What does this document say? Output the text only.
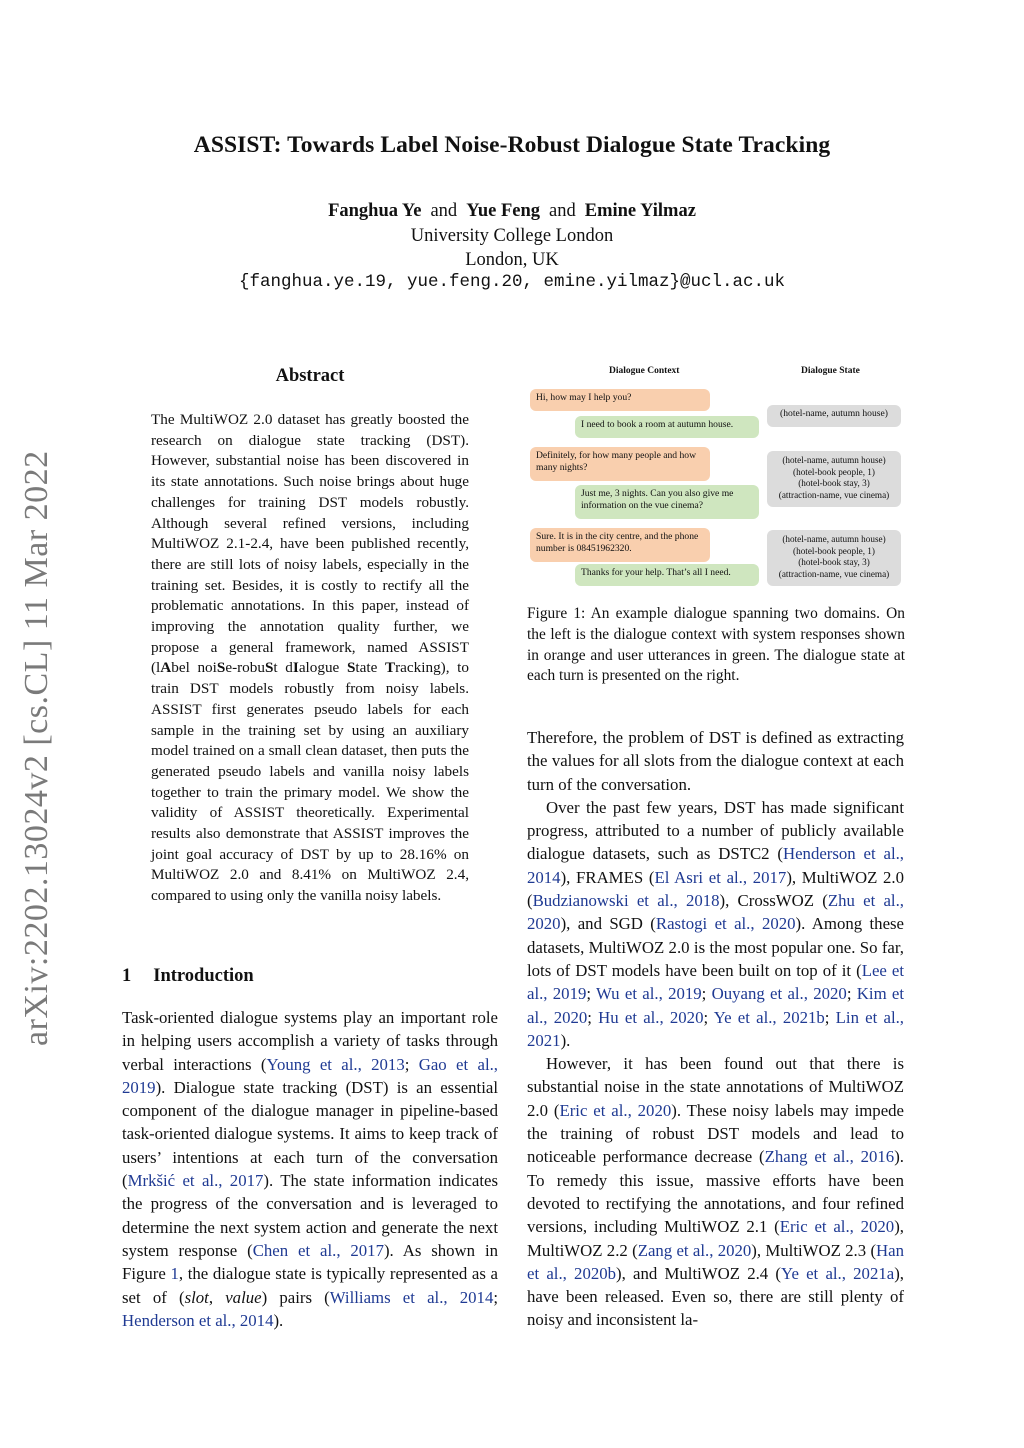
ASSIST: Towards Label Noise-Robust Dialogue State Tracking
Fanghua Ye and Yue Feng and Emine Yilmaz
University College London
London, UK
{fanghua.ye.19, yue.feng.20, emine.yilmaz}@ucl.ac.uk
arXiv:2202.13024v2 [cs.CL] 11 Mar 2022
Abstract
The MultiWOZ 2.0 dataset has greatly boosted the research on dialogue state tracking (DST). However, substantial noise has been discovered in its state annotations. Such noise brings about huge challenges for training DST models robustly. Although several refined versions, including MultiWOZ 2.1-2.4, have been published recently, there are still lots of noisy labels, especially in the training set. Besides, it is costly to rectify all the problematic annotations. In this paper, instead of improving the annotation quality further, we propose a general framework, named ASSIST (lAbel noiSe-robuSt dIalogue State Tracking), to train DST models robustly from noisy labels. ASSIST first generates pseudo labels for each sample in the training set by using an auxiliary model trained on a small clean dataset, then puts the generated pseudo labels and vanilla noisy labels together to train the primary model. We show the validity of ASSIST theoretically. Experimental results also demonstrate that ASSIST improves the joint goal accuracy of DST by up to 28.16% on MultiWOZ 2.0 and 8.41% on MultiWOZ 2.4, compared to using only the vanilla noisy labels.
1 Introduction

Task-oriented dialogue systems play an important role in helping users accomplish a variety of tasks through verbal interactions (Young et al., 2013; Gao et al., 2019). Dialogue state tracking (DST) is an essential component of the dialogue manager in pipeline-based task-oriented dialogue systems. It aims to keep track of users’ intentions at each turn of the conversation (Mrkšić et al., 2017). The state information indicates the progress of the conversation and is leveraged to determine the next system action and generate the next system response (Chen et al., 2017). As shown in Figure 1, the dialogue state is typically represented as a set of (slot, value) pairs (Williams et al., 2014; Henderson et al., 2014).

Dialogue Context	Dialogue State
Hi, how may I help you?
I need to book a room at autumn house.
(hotel-name, autumn house)
Definitely, for how many people and how many nights?
Just me, 3 nights. Can you also give me information on the vue cinema?
(hotel-name, autumn house)
(hotel-book people, 1)
(hotel-book stay, 3)
(attraction-name, vue cinema)
Sure. It is in the city centre, and the phone number is 08451962320.
Thanks for your help. That’s all I need.
(hotel-name, autumn house)
(hotel-book people, 1)
(hotel-book stay, 3)
(attraction-name, vue cinema)
Figure 1: An example dialogue spanning two domains. On the left is the dialogue context with system responses shown in orange and user utterances in green. The dialogue state at each turn is presented on the right.

Therefore, the problem of DST is defined as extracting the values for all slots from the dialogue context at each turn of the conversation.

Over the past few years, DST has made significant progress, attributed to a number of publicly available dialogue datasets, such as DSTC2 (Henderson et al., 2014), FRAMES (El Asri et al., 2017), MultiWOZ 2.0 (Budzianowski et al., 2018), CrossWOZ (Zhu et al., 2020), and SGD (Rastogi et al., 2020). Among these datasets, MultiWOZ 2.0 is the most popular one. So far, lots of DST models have been built on top of it (Lee et al., 2019; Wu et al., 2019; Ouyang et al., 2020; Kim et al., 2020; Hu et al., 2020; Ye et al., 2021b; Lin et al., 2021).

However, it has been found out that there is substantial noise in the state annotations of MultiWOZ 2.0 (Eric et al., 2020). These noisy labels may impede the training of robust DST models and lead to noticeable performance decrease (Zhang et al., 2016). To remedy this issue, massive efforts have been devoted to rectifying the annotations, and four refined versions, including MultiWOZ 2.1 (Eric et al., 2020), MultiWOZ 2.2 (Zang et al., 2020), MultiWOZ 2.3 (Han et al., 2020b), and MultiWOZ 2.4 (Ye et al., 2021a), have been released. Even so, there are still plenty of noisy and inconsistent la-
